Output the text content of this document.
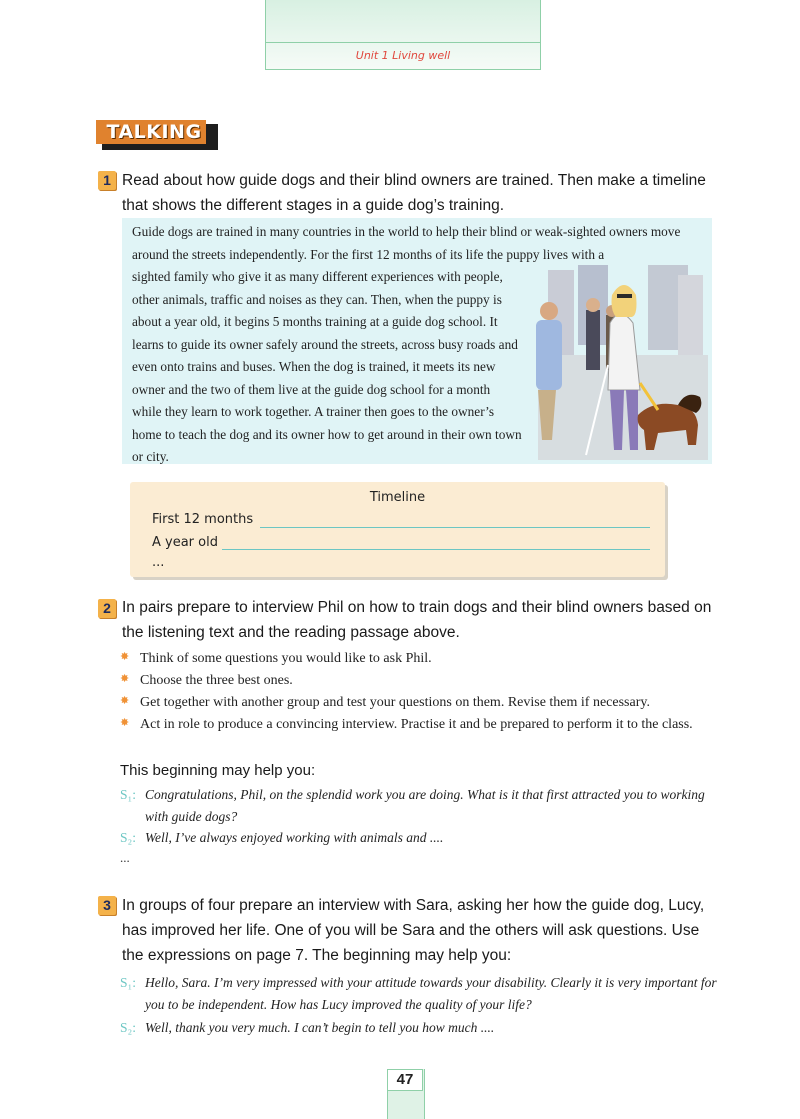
Unit 1 Living well
TALKING
1 Read about how guide dogs and their blind owners are trained. Then make a timeline that shows the different stages in a guide dog’s training.

Guide dogs are trained in many countries in the world to help their blind or weak-sighted owners move around the streets independently. For the first 12 months of its life the puppy lives with a

sighted family who give it as many different experiences with people, other animals, traffic and noises as they can. Then, when the puppy is about a year old, it begins 5 months training at a guide dog school. It learns to guide its owner safely around the streets, across busy roads and even onto trains and buses. When the dog is trained, it meets its new owner and the two of them live at the guide dog school for a month while they learn to work together. A trainer then goes to the owner’s home to teach the dog and its owner how to get around in their own town or city.

Timeline
First 12 months
A year old
...
2 In pairs prepare to interview Phil on how to train dogs and their blind owners based on the listening text and the reading passage above.
✸ Think of some questions you would like to ask Phil.
✸ Choose the three best ones.
✸ Get together with another group and test your questions on them. Revise them if necessary.
✸ Act in role to produce a convincing interview. Practise it and be prepared to perform it to the class.
This beginning may help you:
S₁: Congratulations, Phil, on the splendid work you are doing. What is it that first attracted you to working with guide dogs?
S₂: Well, I’ve always enjoyed working with animals and ....
...
3 In groups of four prepare an interview with Sara, asking her how the guide dog, Lucy, has improved her life. One of you will be Sara and the others will ask questions. Use the expressions on page 7. The beginning may help you:
S₁: Hello, Sara. I’m very impressed with your attitude towards your disability. Clearly it is very important for you to be independent. How has Lucy improved the quality of your life?
S₂: Well, thank you very much. I can’t begin to tell you how much ....
47
